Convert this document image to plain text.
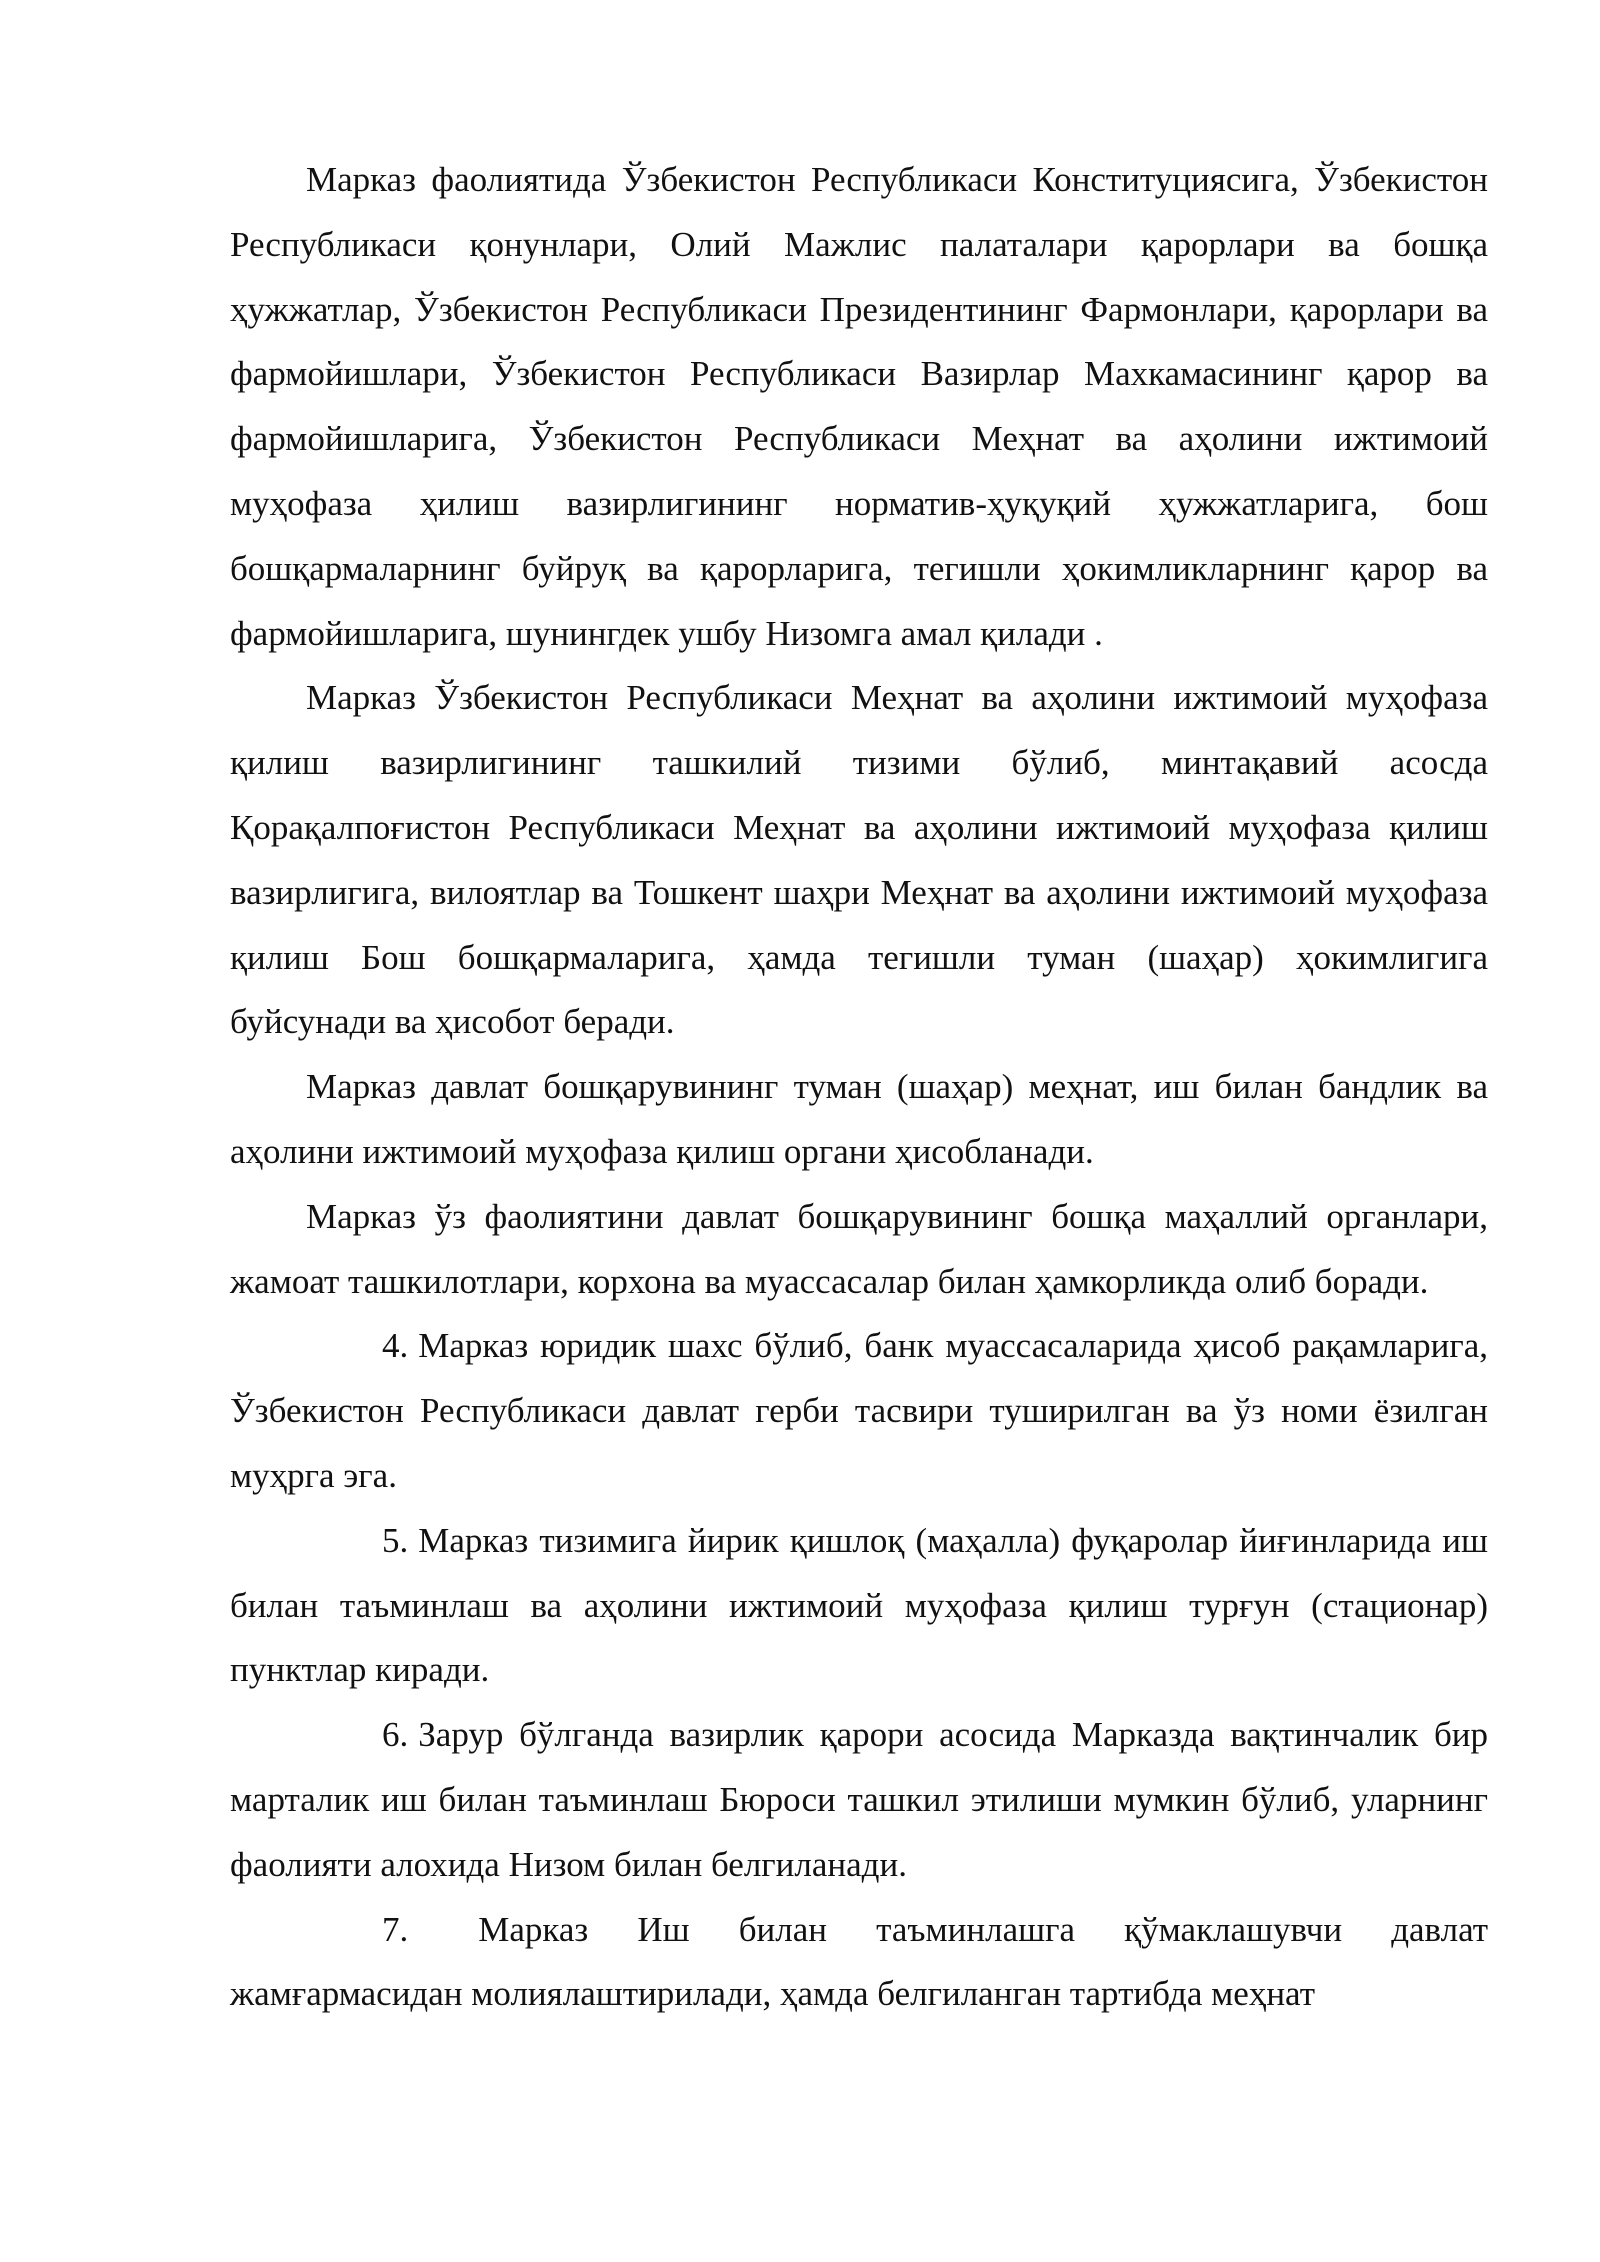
Марказ фаолиятида Ўзбекистон Республикаси Конституциясига, Ўзбекистон Республикаси қонунлари, Олий Мажлис палаталари қарорлари ва бошқа ҳужжатлар, Ўзбекистон Республикаси Президентининг Фармонлари, қарорлари ва фармойишлари, Ўзбекистон Республикаси Вазирлар Махкамасининг қарор ва фармойишларига, Ўзбекистон Республикаси Меҳнат ва аҳолини ижтимоий муҳофаза ҳилиш вазирлигининг норматив-ҳуқуқий ҳужжатларига, бош бошқармаларнинг буйруқ ва қарорларига, тегишли ҳокимликларнинг қарор ва фармойишларига, шунингдек ушбу Низомга амал қилади .

Марказ Ўзбекистон Республикаси Меҳнат ва аҳолини ижтимоий муҳофаза қилиш вазирлигининг ташкилий тизими бўлиб, минтақавий асосда Қорақалпоғистон Республикаси Меҳнат ва аҳолини ижтимоий муҳофаза қилиш вазирлигига, вилоятлар ва Тошкент шаҳри Меҳнат ва аҳолини ижтимоий муҳофаза қилиш Бош бошқармаларига, ҳамда тегишли туман (шаҳар) ҳокимлигига буйсунади ва ҳисобот беради.

Марказ давлат бошқарувининг туман (шаҳар) меҳнат, иш билан бандлик ва аҳолини ижтимоий муҳофаза қилиш органи ҳисобланади.

Марказ ўз фаолиятини давлат бошқарувининг бошқа маҳаллий органлари, жамоат ташкилотлари, корхона ва муассасалар билан ҳамкорликда олиб боради.

4. Марказ юридик шахс бўлиб, банк муассасаларида ҳисоб рақамларига, Ўзбекистон Республикаси давлат герби тасвири туширилган ва ўз номи ёзилган муҳрга эга.

5. Марказ тизимига йирик қишлоқ (маҳалла) фуқаролар йиғинларида иш билан таъминлаш ва аҳолини ижтимоий муҳофаза қилиш турғун (стационар) пунктлар киради.

6. Зарур бўлганда вазирлик қарори асосида Марказда вақтинчалик бир марталик иш билан таъминлаш Бюроси ташкил этилиши мумкин бўлиб, уларнинг фаолияти алохида Низом билан белгиланади.

7. Марказ Иш билан таъминлашга қўмаклашувчи давлат жамғармасидан молиялаштирилади, ҳамда белгиланган тартибда меҳнат
